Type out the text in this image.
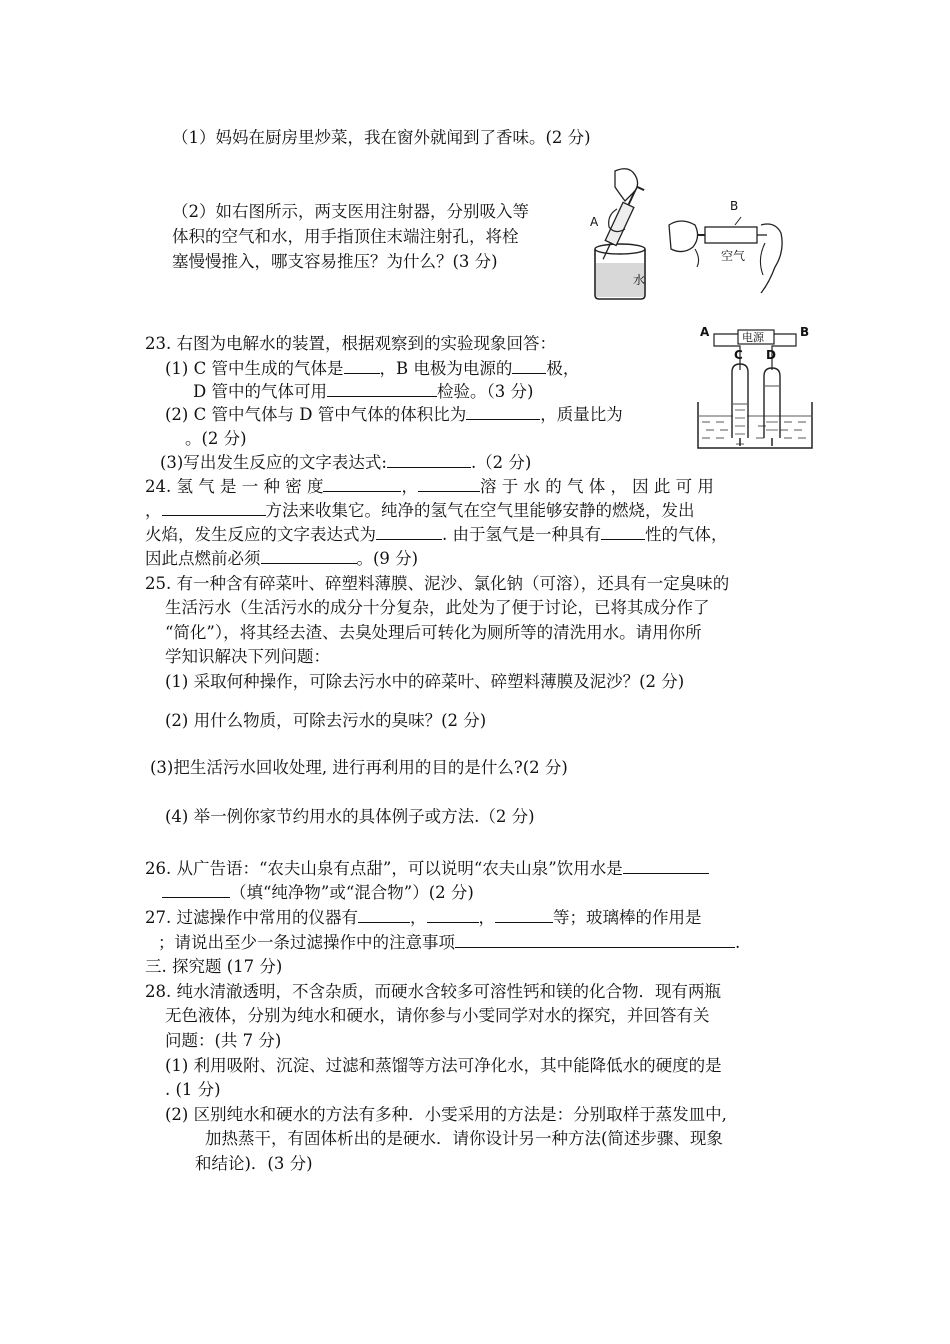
（1）妈妈在厨房里炒菜，我在窗外就闻到了香味。(2 分)
（2）如右图所示，两支医用注射器，分别吸入等
体积的空气和水，用手指顶住末端注射孔，将栓
塞慢慢推入，哪支容易推压？为什么？(3 分)
A
B
水
空气
23. 右图为电解水的装置，根据观察到的实验现象回答：
(1) C 管中生成的气体是 ，B 电极为电源的 极，
D 管中的气体可用	检验。（3 分)
(2) C 管中气体与 D 管中气体的体积比为	，质量比为
。(2 分)
(3)写出发生反应的文字表达式:	.（2 分)
A	B
电源
C D
24. 氢 气 是 一 种 密 度	，	溶 于 水 的 气 体 ， 因 此 可 用
，	方法来收集它。纯净的氢气在空气里能够安静的燃烧，发出
火焰，发生反应的文字表达式为	. 由于氢气是一种具有	性的气体，
因此点燃前必须	。(9 分)
25. 有一种含有碎菜叶、碎塑料薄膜、泥沙、氯化钠（可溶），还具有一定臭味的
生活污水（生活污水的成分十分复杂，此处为了便于讨论，已将其成分作了
“简化”），将其经去渣、去臭处理后可转化为厕所等的清洗用水。请用你所
学知识解决下列问题：
(1) 采取何种操作，可除去污水中的碎菜叶、碎塑料薄膜及泥沙？(2 分)
(2) 用什么物质，可除去污水的臭味？(2 分)
(3)把生活污水回收处理, 进行再利用的目的是什么?(2 分)
(4) 举一例你家节约用水的具体例子或方法.（2 分)
26. 从广告语：“农夫山泉有点甜”，可以说明“农夫山泉”饮用水是
（填“纯净物”或“混合物”）(2 分)
27. 过滤操作中常用的仪器有	，	，	等；玻璃棒的作用是
；请说出至少一条过滤操作中的注意事项	.
三. 探究题 (17 分)
28. 纯水清澈透明，不含杂质，而硬水含较多可溶性钙和镁的化合物．现有两瓶
无色液体，分别为纯水和硬水，请你参与小雯同学对水的探究，并回答有关
问题：(共 7 分)
(1) 利用吸附、沉淀、过滤和蒸馏等方法可净化水，其中能降低水的硬度的是
. (1 分)
(2) 区别纯水和硬水的方法有多种．小雯采用的方法是：分别取样于蒸发皿中,
加热蒸干，有固体析出的是硬水．请你设计另一种方法(简述步骤、现象
和结论)．(3 分)
